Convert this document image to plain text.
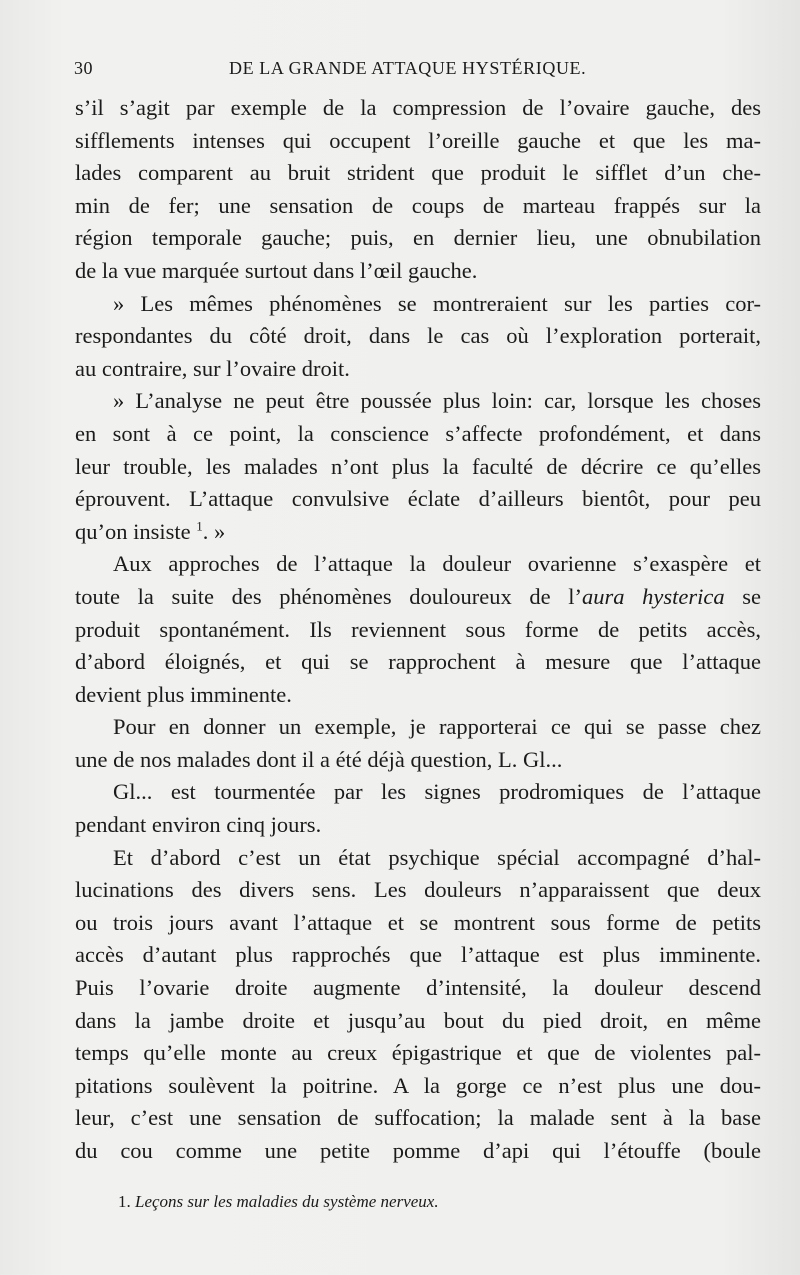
30	DE LA GRANDE ATTAQUE HYSTÉRIQUE.
s’il s’agit par exemple de la compression de l’ovaire gauche, des
sifflements intenses qui occupent l’oreille gauche et que les ma-
lades comparent au bruit strident que produit le sifflet d’un che-
min de fer; une sensation de coups de marteau frappés sur la
région temporale gauche; puis, en dernier lieu, une obnubilation
de la vue marquée surtout dans l’œil gauche.
» Les mêmes phénomènes se montreraient sur les parties cor-
respondantes du côté droit, dans le cas où l’exploration porterait,
au contraire, sur l’ovaire droit.
» L’analyse ne peut être poussée plus loin: car, lorsque les choses
en sont à ce point, la conscience s’affecte profondément, et dans
leur trouble, les malades n’ont plus la faculté de décrire ce qu’elles
éprouvent. L’attaque convulsive éclate d’ailleurs bientôt, pour peu
qu’on insiste $^1$. »
Aux approches de l’attaque la douleur ovarienne s’exaspère et
toute la suite des phénomènes douloureux de l’aura hysterica se
produit spontanément. Ils reviennent sous forme de petits accès,
d’abord éloignés, et qui se rapprochent à mesure que l’attaque
devient plus imminente.
Pour en donner un exemple, je rapporterai ce qui se passe chez
une de nos malades dont il a été déjà question, L. Gl...
Gl... est tourmentée par les signes prodromiques de l’attaque
pendant environ cinq jours.
Et d’abord c’est un état psychique spécial accompagné d’hal-
lucinations des divers sens. Les douleurs n’apparaissent que deux
ou trois jours avant l’attaque et se montrent sous forme de petits
accès d’autant plus rapprochés que l’attaque est plus imminente.
Puis l’ovarie droite augmente d’intensité, la douleur descend
dans la jambe droite et jusqu’au bout du pied droit, en même
temps qu’elle monte au creux épigastrique et que de violentes pal-
pitations soulèvent la poitrine. A la gorge ce n’est plus une dou-
leur, c’est une sensation de suffocation; la malade sent à la base
du cou comme une petite pomme d’api qui l’étouffe (boule
1. Leçons sur les maladies du système nerveux.
